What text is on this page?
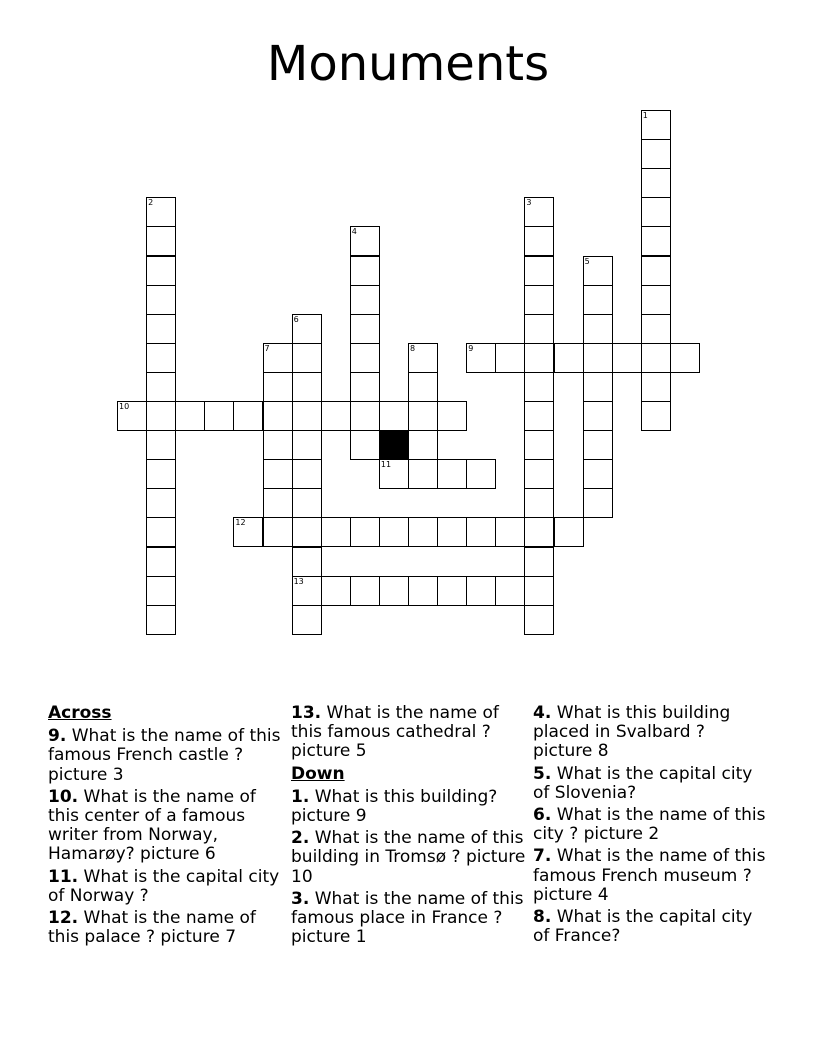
Monuments
1
2	3
4
5
6
7	8	9
10
11
12
13
Across
9. What is the name of this famous French castle ? picture 3
10. What is the name of this center of a famous writer from Norway, Hamarøy? picture 6
11. What is the capital city of Norway ?
12. What is the name of this palace ? picture 7
13. What is the name of this famous cathedral ? picture 5
Down
1. What is this building? picture 9
2. What is the name of this building in Tromsø ? picture 10
3. What is the name of this famous place in France ? picture 1
4. What is this building placed in Svalbard ? picture 8
5. What is the capital city of Slovenia?
6. What is the name of this city ? picture 2
7. What is the name of this famous French museum ? picture 4
8. What is the capital city of France?
